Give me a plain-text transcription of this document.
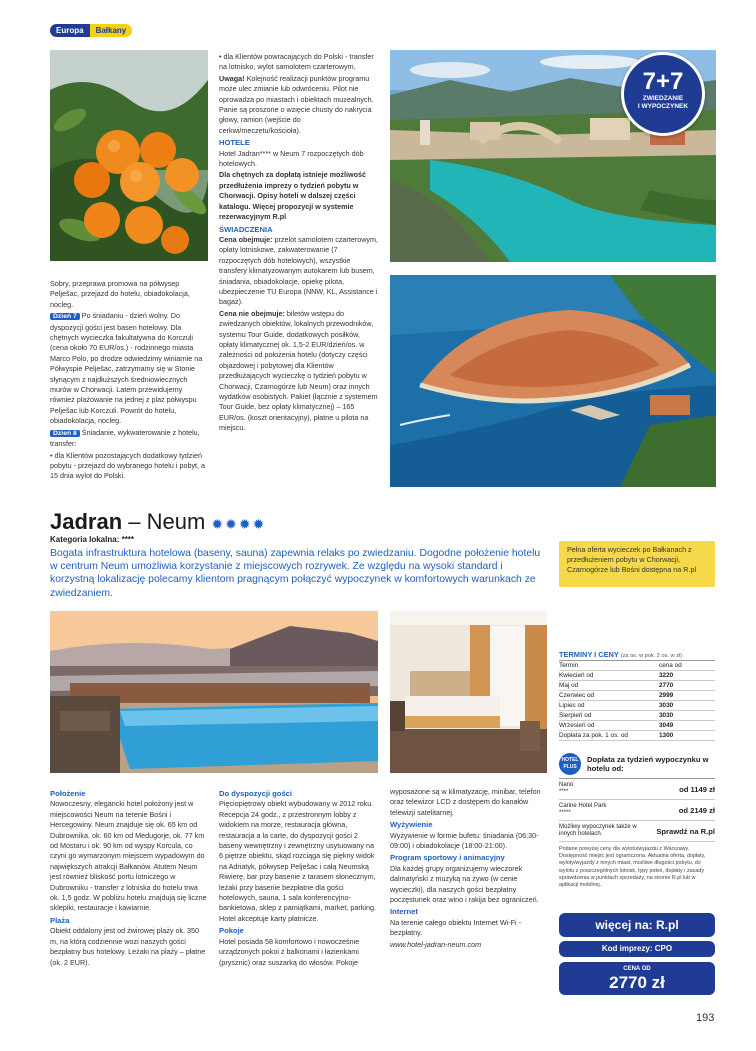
Europa	Bałkany
7+7
ZWIEDZANIE
I WYPOCZYNEK

Sobry, przeprawa promowa na półwysep Pelješac, przejazd do hotelu, obiadokolacja, nocleg.

Dzień 7 Po śniadaniu - dzień wolny. Do dyspozycji gości jest basen hotelowy. Dla chętnych wycieczka fakultatywna do Korczuli (cena około 70 EUR/os.) - rodzinnego miasta Marco Polo, po drodze odwiedzimy winiarnie na Półwyspie Pelješac, zatrzymamy się w Stonie słynącym z najdłuższych średniowiecznych murów w Chorwacji. Latem przewidujemy również plażowanie na jednej z plaż półwyspu Pelješac lub Korczuli. Powrót do hotelu, obiadokolacja, nocleg.

Dzień 8 Śniadanie, wykwaterowanie z hotelu, transfer:

• dla Klientów pozostających dodatkowy tydzień pobytu - przejazd do wybranego hotelu i pobyt, a 15 dnia wylot do Polski.

• dla Klientów powracających do Polski - transfer na lotnisko, wylot samolotem czarterowym.

Uwaga! Kolejność realizacji punktów programu może ulec zmianie lub odwróceniu. Pilot nie oprowadza po miastach i obiektach muzealnych. Panie są proszone o wzięcie chusty do nakrycia głowy, ramion (wejście do cerkwi/meczetu/kościoła).

HOTELE

Hotel Jadran**** w Neum 7 rozpoczętych dób hotelowych.

Dla chętnych za dopłatą istnieje możliwość przedłużenia imprezy o tydzień pobytu w Chorwacji. Opisy hoteli w dalszej części katalogu. Więcej propozycji w systemie rezerwacyjnym R.pl

ŚWIADCZENIA

Cena obejmuje: przelot samolotem czarterowym, opłaty lotniskowe, zakwaterowanie (7 rozpoczętych dób hotelowych), wszystkie transfery klimatyzowanym autokarem lub busem, śniadania, obiadokolacje, opiekę pilota, ubezpieczenie TU Europa (NNW, KL, Assistance i bagaż).

Cena nie obejmuje: biletów wstępu do zwiedzanych obiektów, lokalnych przewodników, systemu Tour Guide, dodatkowych posiłków, opłaty klimatycznej ok. 1,5-2 EUR/dzień/os. w zależności od położenia hotelu (dotyczy części objazdowej i pobytowej dla Klientów przedłużających wycieczkę o tydzień pobytu w Chorwacji, Czarnogórze lub Neum) oraz innych wydatków osobistych. Pakiet (łącznie z systemem Tour Guide, bez opłaty klimatycznej) – 165 EUR/os. (koszt orientacyjny), płatne u pilota na miejscu.

Jadran – Neum ✹✹✹✹
Kategoria lokalna: ****
Bogata infrastruktura hotelowa (baseny, sauna) zapewnia relaks po zwiedzaniu. Dogodne położenie hotelu w centrum Neum umożliwia korzystanie z miejscowych rozrywek. Ze względu na wysoki standard i korzystną lokalizację polecamy klientom pragnącym połączyć wypoczynek w komfortowych warunkach ze zwiedzaniem.
Pełna oferta wycieczek po Bałkanach z przedłużeniem pobytu w Chorwacji, Czarnogórze lub Bośni dostępna na R.pl
Położenie

Nowoczesny, elegancki hotel położony jest w miejscowości Neum na terenie Bośni i Hercegowiny. Neum znajduje się ok. 65 km od Dubrownika, ok. 60 km od Medugorje, ok. 77 km od Mostaru i ok. 90 km od wyspy Korcula, co czyni go wymarzonym miejscem wypadowym do największych atrakcji Bałkanów. Atutem Neum jest również bliskość portu lotniczego w Dubrowniku - transfer z lotniska do hotelu trwa ok. 1,5 godz. W pobliżu hotelu znajdują się liczne sklepiki, restauracje i kawiarnie.

Plaża

Obiekt oddalony jest od żwirowej plaży ok. 350 m, na którą codziennie wozi naszych gości bezpłatny bus hotelowy. Leżaki na plaży – płatne (ok. 2 EUR).

Do dyspozycji gości

Pięciopiętrowy obiekt wybudowany w 2012 roku. Recepcja 24 godz., z przestronnym lobby z widokiem na morze, restauracja główna, restauracja a la carte, do dyspozycji gości 2 baseny wewnętrzny i zewnętrzny usytuowany na 6 piętrze obiektu, skąd rozciąga się piękny widok na Adriatyk, półwysep Pelješac i całą Neumską Riwierę, bar przy basenie z tarasem słonecznym, leżaki przy basenie bezpłatne dla gości hotelowych, sauna, 1 sala konferencyjno-bankietowa, sklep z pamiątkami, market, parking. Hotel akceptuje karty płatnicze.

Pokoje

Hotel posiada 58 komfortowo i nowocześnie urządzonych pokoi z balkonami i łazienkami (prysznic) oraz suszarką do włosów. Pokoje

wyposażone są w klimatyzację, minibar, telefon oraz telewizor LCD z dostępem do kanałów telewizji satelitarnej.

Wyżywienie

Wyżywienie w formie bufetu: śniadania (06:30-09:00) i obiadokolacje (18:00-21:00).

Program sportowy i animacyjny

Dla każdej grupy organizujemy wieczorek dalmatyński z muzyką na żywo (w cenie wycieczki), dla naszych gości bezpłatny poczęstunek oraz wino i rakija bez ograniczeń.

Internet

Na terenie całego obiektu Internet Wi-Fi - bezpłatny.

www.hotel-jadran-neum.com

TERMINY I CENY (za os. w pok. 2 os. w zł)
Termin	cena od
Kwiecień od	3220
Maj od	2770
Czerwiec od	2999
Lipiec od	3030
Sierpień od	3030
Wrzesień od	3049
Dopłata za pok. 1 os. od	1300
HOTEL PLUS
Dopłata za tydzień wypoczynku w hotelu od:
Nano
****	od 1149 zł
Carine Hotel Park
*****	od 2149 zł
Możliwy wypoczynek także w innych hotelach.	Sprawdź na R.pl
Podane powyżej ceny dla wylotu/wyjazdu z Warszawy. Dostępność miejsc jest ograniczona. Aktualna oferta, dopłaty, wyloty/wyjazdy z innych miast, możliwe długości pobytu, do wylotu z poszczególnych lotnisk, typy pokoi, dopłaty i zasady sprawdzenia w punktach sprzedaży, na stronie R.pl lub w aplikacji mobilnej.
więcej na: R.pl
Kod imprezy: CPO
CENA OD
2770 zł
193
